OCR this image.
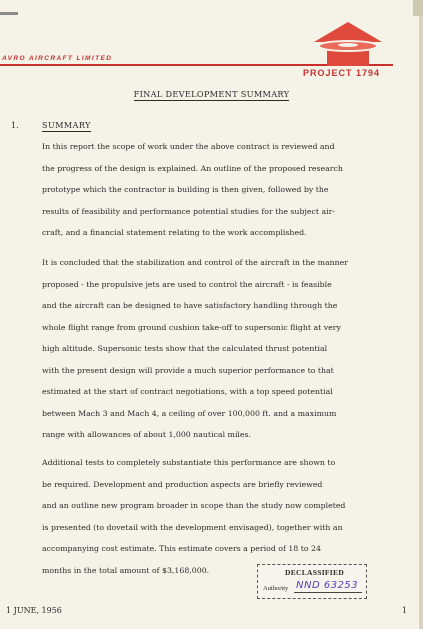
AVRO AIRCRAFT LIMITED
PROJECT 1794
FINAL DEVELOPMENT SUMMARY
1.	SUMMARY

In this report the scope of work under the above contract is reviewed and
the progress of the design is explained. An outline of the proposed research
prototype which the contractor is building is then given, followed by the
results of feasibility and performance potential studies for the subject air-
craft, and a financial statement relating to the work accomplished.

It is concluded that the stabilization and control of the aircraft in the manner
proposed - the propulsive jets are used to control the aircraft - is feasible
and the aircraft can be designed to have satisfactory handling through the
whole flight range from ground cushion take-off to supersonic flight at very
high altitude. Supersonic tests show that the calculated thrust potential
with the present design will provide a much superior performance to that
estimated at the start of contract negotiations, with a top speed potential
between Mach 3 and Mach 4, a ceiling of over 100,000 ft. and a maximum
range with allowances of about 1,000 nautical miles.

Additional tests to completely substantiate this performance are shown to
be required. Development and production aspects are briefly reviewed
and an outline new program broader in scope than the study now completed
is presented (to dovetail with the development envisaged), together with an
accompanying cost estimate. This estimate covers a period of 18 to 24
months in the total amount of $3,168,000.	DECLASSIFIED
Authority NND 63253
1 JUNE, 1956	1
